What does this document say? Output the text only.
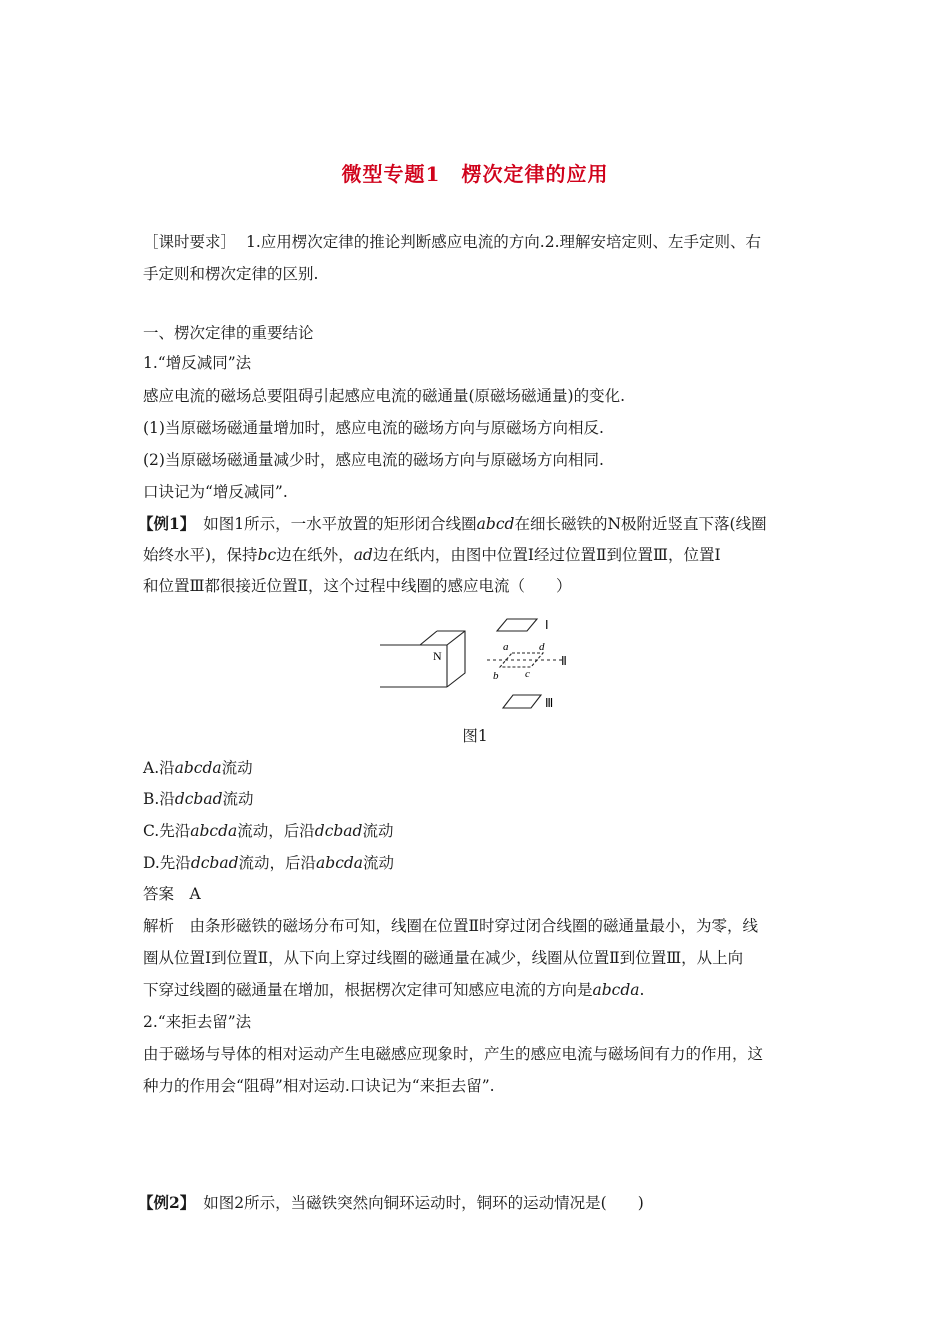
微型专题1　楞次定律的应用
［课时要求］ 1.应用楞次定律的推论判断感应电流的方向.2.理解安培定则、左手定则、右
手定则和楞次定律的区别.
一、楞次定律的重要结论
1.“增反减同”法
感应电流的磁场总要阻碍引起感应电流的磁通量(原磁场磁通量)的变化.
(1)当原磁场磁通量增加时，感应电流的磁场方向与原磁场方向相反.
(2)当原磁场磁通量减少时，感应电流的磁场方向与原磁场方向相同.
口诀记为“增反减同”.
【例1】 如图1所示，一水平放置的矩形闭合线圈abcd在细长磁铁的N极附近竖直下落(线圈
始终水平)，保持bc边在纸外，ad边在纸内，由图中位置Ⅰ经过位置Ⅱ到位置Ⅲ，位置Ⅰ
和位置Ⅲ都很接近位置Ⅱ，这个过程中线圈的感应电流（　　）
N
Ⅰ
Ⅱ
Ⅲ
a	d
b c
图1
A.沿abcda流动
B.沿dcbad流动
C.先沿abcda流动，后沿dcbad流动
D.先沿dcbad流动，后沿abcda流动
答案　A
解析　由条形磁铁的磁场分布可知，线圈在位置Ⅱ时穿过闭合线圈的磁通量最小，为零，线
圈从位置Ⅰ到位置Ⅱ，从下向上穿过线圈的磁通量在减少，线圈从位置Ⅱ到位置Ⅲ，从上向
下穿过线圈的磁通量在增加，根据楞次定律可知感应电流的方向是abcda.
2.“来拒去留”法
由于磁场与导体的相对运动产生电磁感应现象时，产生的感应电流与磁场间有力的作用，这
种力的作用会“阻碍”相对运动.口诀记为“来拒去留”.
【例2】 如图2所示，当磁铁突然向铜环运动时，铜环的运动情况是(　　)
